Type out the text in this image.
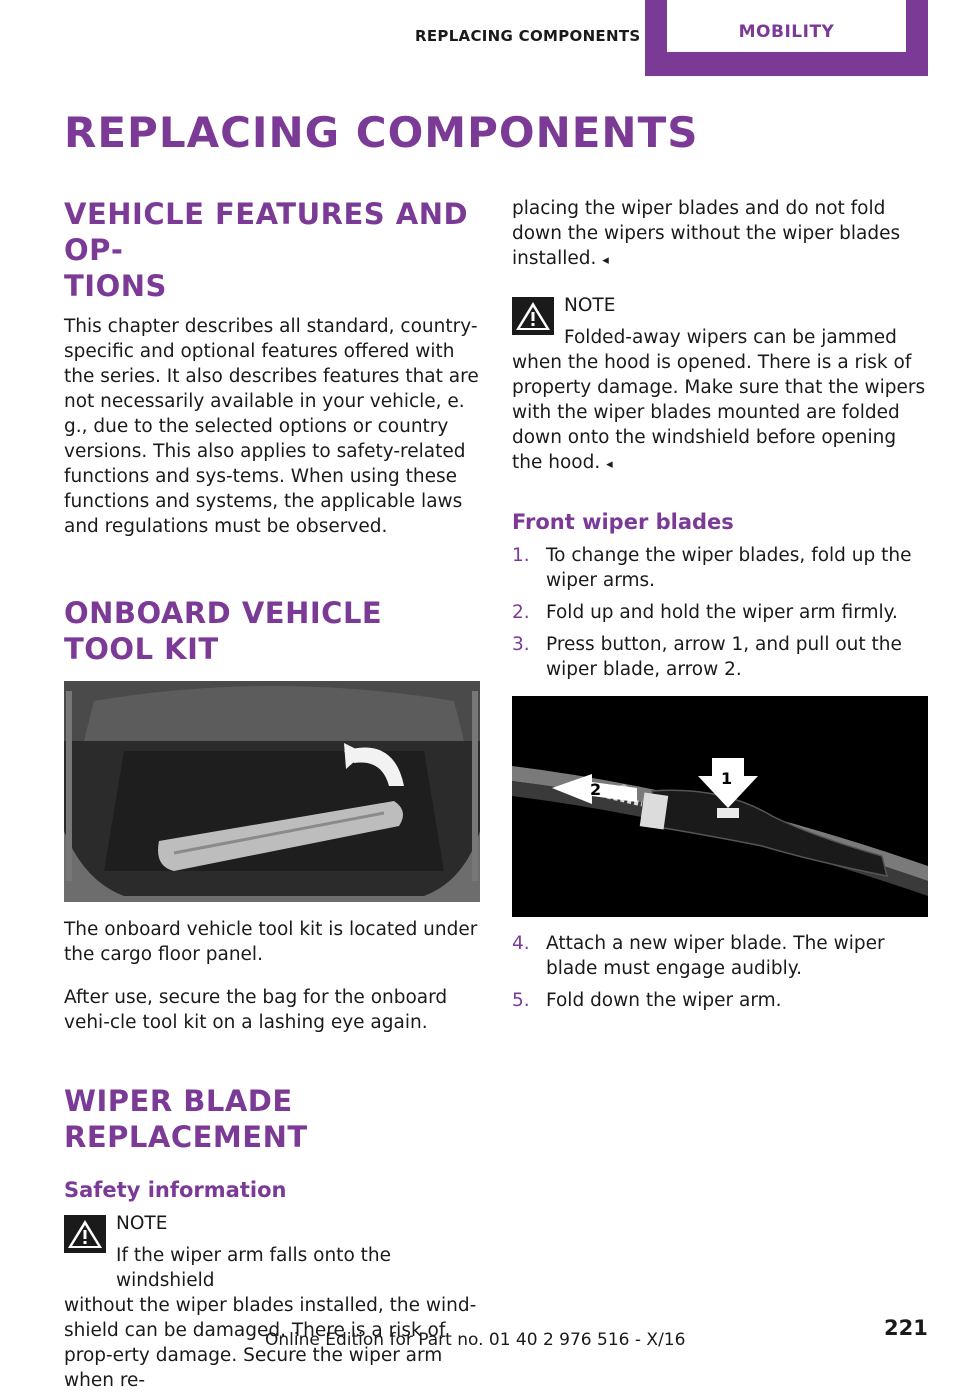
REPLACING COMPONENTS	MOBILITY
REPLACING COMPONENTS
VEHICLE FEATURES AND OP‐
TIONS

This chapter describes all standard, country-specific and optional features offered with the series. It also describes features that are not necessarily available in your vehicle, e. g., due to the selected options or country versions. This also applies to safety-related functions and sys‐tems. When using these functions and systems, the applicable laws and regulations must be observed.

ONBOARD VEHICLE TOOL KIT

The onboard vehicle tool kit is located under the cargo floor panel.

After use, secure the bag for the onboard vehi‐cle tool kit on a lashing eye again.

WIPER BLADE REPLACEMENT
Safety information
NOTE

If the wiper arm falls onto the windshield

without the wiper blades installed, the wind‐shield can be damaged. There is a risk of prop‐erty damage. Secure the wiper arm when re‐

placing the wiper blades and do not fold down the wipers without the wiper blades installed. ◂

NOTE

Folded-away wipers can be jammed

when the hood is opened. There is a risk of property damage. Make sure that the wipers with the wiper blades mounted are folded down onto the windshield before opening the hood. ◂

Front wiper blades
1. To change the wiper blades, fold up the wiper arms.
2. Fold up and hold the wiper arm firmly.
3. Press button, arrow 1, and pull out the wiper blade, arrow 2.
2
1
4. Attach a new wiper blade. The wiper blade must engage audibly.
5. Fold down the wiper arm.
221
Online Edition for Part no. 01 40 2 976 516 - X/16
